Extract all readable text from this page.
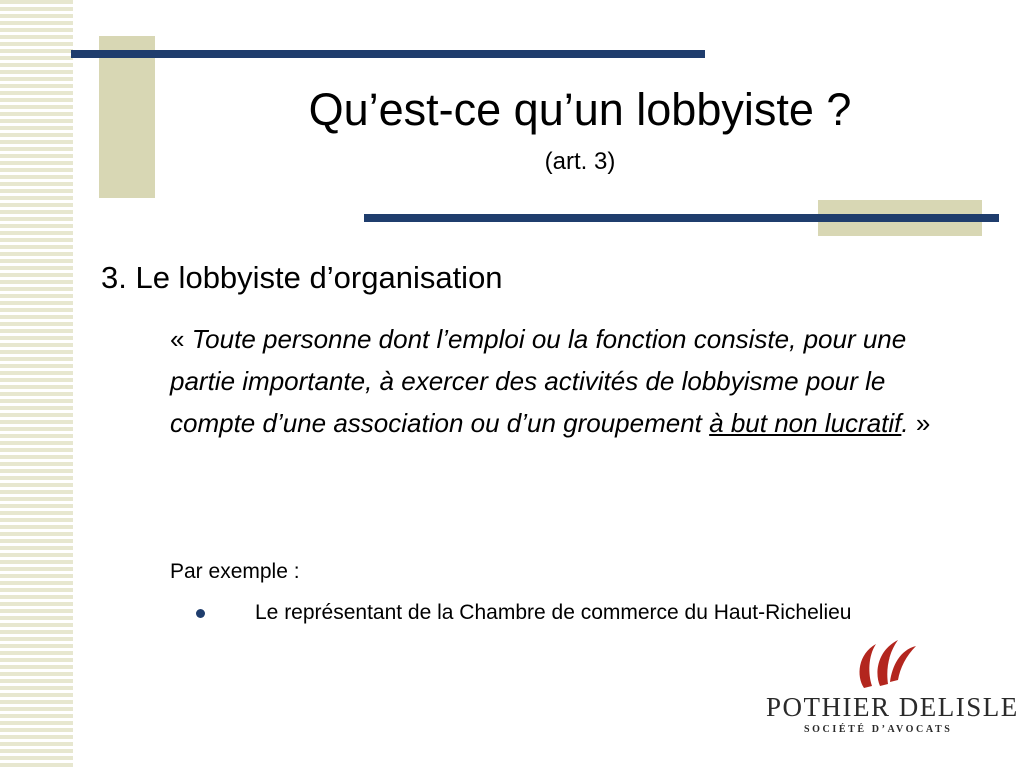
Qu’est-ce qu’un lobbyiste ?
(art. 3)
3. Le lobbyiste d’organisation
« Toute personne dont l’emploi ou la fonction consiste, pour une partie importante, à exercer des activités de lobbyisme pour le compte d’une association ou d’un groupement à but non lucratif. »
Par exemple :
Le représentant de la Chambre de commerce du Haut-Richelieu
POTHIER DELISLE
SOCIÉTÉ D’AVOCATS
